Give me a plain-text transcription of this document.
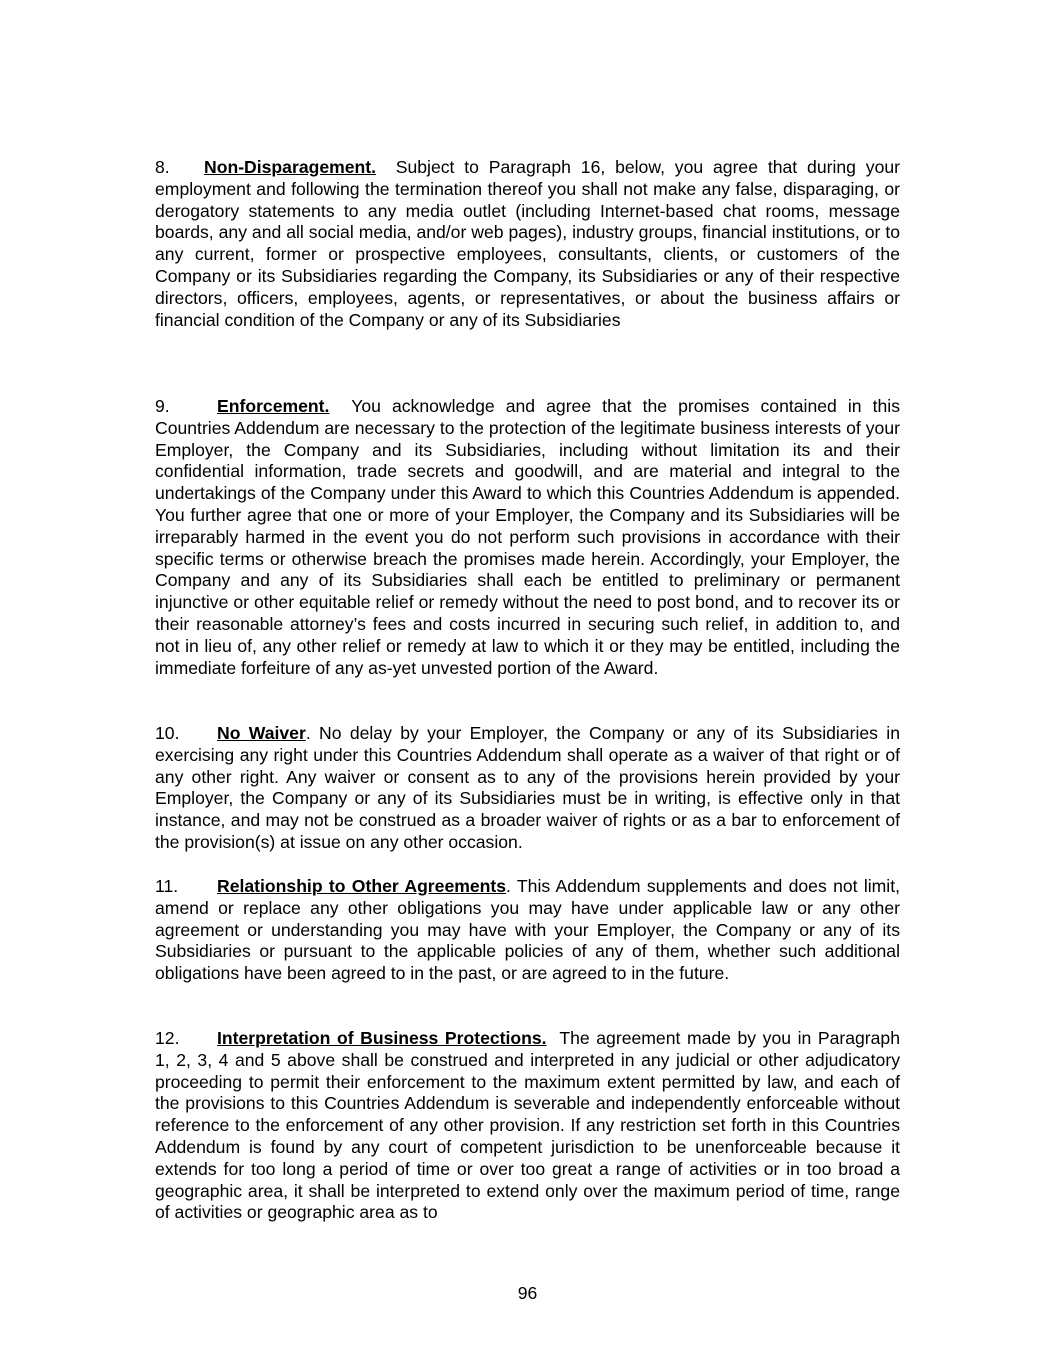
8. Non-Disparagement. Subject to Paragraph 16, below, you agree that during your employment and following the termination thereof you shall not make any false, disparaging, or derogatory statements to any media outlet (including Internet-based chat rooms, message boards, any and all social media, and/or web pages), industry groups, financial institutions, or to any current, former or prospective employees, consultants, clients, or customers of the Company or its Subsidiaries regarding the Company, its Subsidiaries or any of their respective directors, officers, employees, agents, or representatives, or about the business affairs or financial condition of the Company or any of its Subsidiaries

9.	Enforcement. You acknowledge and agree that the promises contained in this Countries Addendum are necessary to the protection of the legitimate business interests of your Employer, the Company and its Subsidiaries, including without limitation its and their confidential information, trade secrets and goodwill, and are material and integral to the undertakings of the Company under this Award to which this Countries Addendum is appended. You further agree that one or more of your Employer, the Company and its Subsidiaries will be irreparably harmed in the event you do not perform such provisions in accordance with their specific terms or otherwise breach the promises made herein. Accordingly, your Employer, the Company and any of its Subsidiaries shall each be entitled to preliminary or permanent injunctive or other equitable relief or remedy without the need to post bond, and to recover its or their reasonable attorney’s fees and costs incurred in securing such relief, in addition to, and not in lieu of, any other relief or remedy at law to which it or they may be entitled, including the immediate forfeiture of any as-yet unvested portion of the Award.

10. No Waiver. No delay by your Employer, the Company or any of its Subsidiaries in exercising any right under this Countries Addendum shall operate as a waiver of that right or of any other right. Any waiver or consent as to any of the provisions herein provided by your Employer, the Company or any of its Subsidiaries must be in writing, is effective only in that instance, and may not be construed as a broader waiver of rights or as a bar to enforcement of the provision(s) at issue on any other occasion.

11. Relationship to Other Agreements. This Addendum supplements and does not limit, amend or replace any other obligations you may have under applicable law or any other agreement or understanding you may have with your Employer, the Company or any of its Subsidiaries or pursuant to the applicable policies of any of them, whether such additional obligations have been agreed to in the past, or are agreed to in the future.

12. Interpretation of Business Protections. The agreement made by you in Paragraph 1, 2, 3, 4 and 5 above shall be construed and interpreted in any judicial or other adjudicatory proceeding to permit their enforcement to the maximum extent permitted by law, and each of the provisions to this Countries Addendum is severable and independently enforceable without reference to the enforcement of any other provision. If any restriction set forth in this Countries Addendum is found by any court of competent jurisdiction to be unenforceable because it extends for too long a period of time or over too great a range of activities or in too broad a geographic area, it shall be interpreted to extend only over the maximum period of time, range of activities or geographic area as to

96
